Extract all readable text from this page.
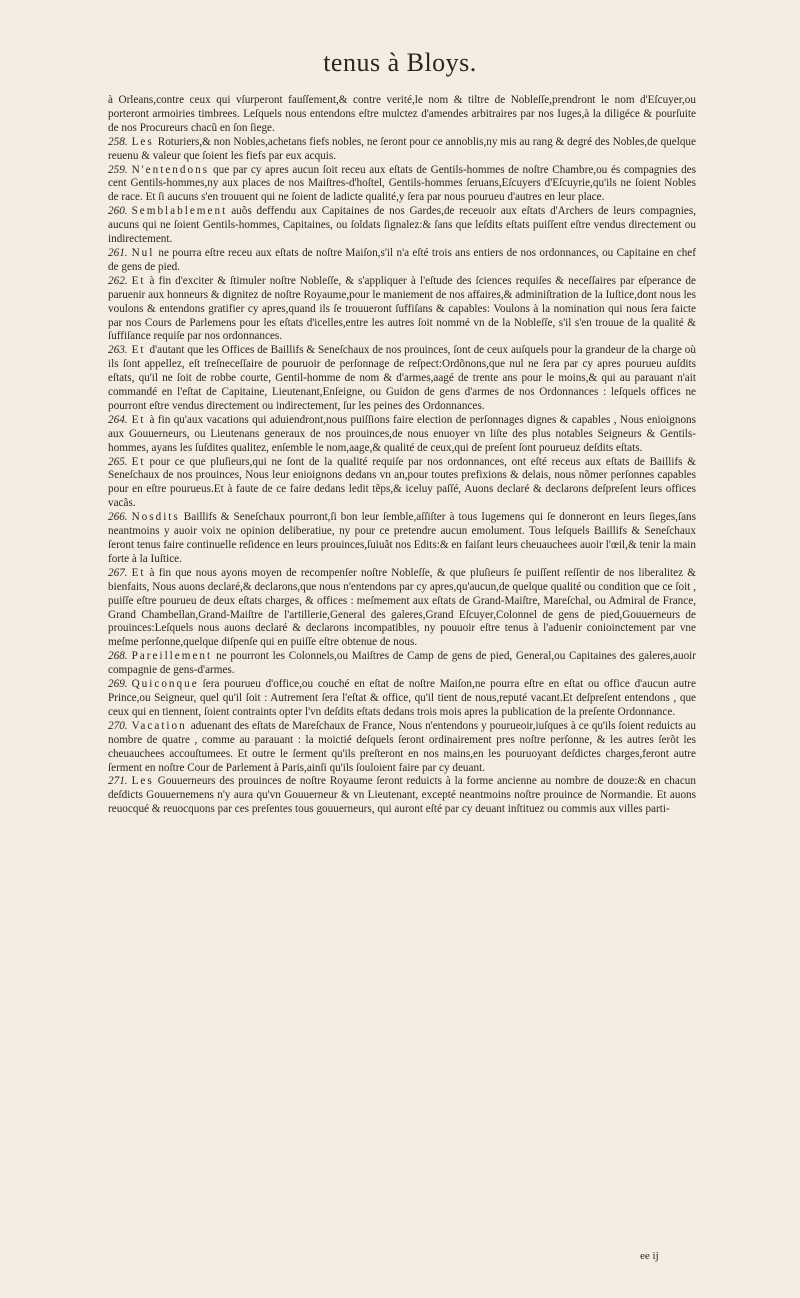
tenus à Bloys.

à Orleans,contre ceux qui vſurperont fauſſement,& contre verité,le nom & tiltre de Nobleſſe,prendront le nom d'Eſcuyer,ou porteront armoiries timbrees. Leſquels nous entendons eſtre mulctez d'amendes arbitraires par nos Iuges,à la diligéce & pourſuite de nos Procureurs chacũ en ſon ſiege.

258. Les Roturiers,& non Nobles,achetans fiefs nobles, ne ſeront pour ce annoblis,ny mis au rang & degré des Nobles,de quelque reuenu & valeur que ſoient les fiefs par eux acquis.

259. N'entendons que par cy apres aucun ſoit receu aux eſtats de Gentils-hommes de noſtre Chambre,ou és compagnies des cent Gentils-hommes,ny aux places de nos Maiſtres-d'hoſtel, Gentils-hommes ſeruans,Eſcuyers d'Eſcuyrie,qu'ils ne ſoient Nobles de race. Et ſi aucuns s'en trouuent qui ne ſoient de ladicte qualité,y ſera par nous pourueu d'autres en leur place.

260. Semblablement auõs deffendu aux Capitaines de nos Gardes,de receuoir aux eſtats d'Archers de leurs compagnies, aucuns qui ne ſoient Gentils-hommes, Capitaines, ou ſoldats ſignalez:& ſans que leſdits eſtats puiſſent eſtre vendus directement ou indirectement.

261. Nul ne pourra eſtre receu aux eſtats de noſtre Maiſon,s'il n'a eſté trois ans entiers de nos ordonnances, ou Capitaine en chef de gens de pied.

262. Et à fin d'exciter & ſtimuler noſtre Nobleſſe, & s'appliquer à l'eſtude des ſciences requiſes & neceſſaires par eſperance de paruenir aux honneurs & dignitez de noſtre Royaume,pour le maniement de nos affaires,& adminiſtration de la Iuſtice,dont nous les voulons & entendons gratifier cy apres,quand ils ſe trouueront ſuffiſans & capables: Voulons à la nomination qui nous ſera faicte par nos Cours de Parlemens pour les eſtats d'icelles,entre les autres ſoit nommé vn de la Nobleſſe, s'il s'en trouue de la qualité & ſuffiſance requiſe par nos ordonnances.

263. Et d'autant que les Offices de Baillifs & Seneſchaux de nos prouinces, ſont de ceux auſquels pour la grandeur de la charge où ils ſont appellez, eſt treſneceſſaire de pouruoir de perſonnage de reſpect:Ordõnons,que nul ne ſera par cy apres pourueu auſdits eſtats, qu'il ne ſoit de robbe courte, Gentil-homme de nom & d'armes,aagé de trente ans pour le moins,& qui au parauant n'ait commandé en l'eſtat de Capitaine, Lieutenant,Enſeigne, ou Guidon de gens d'armes de nos Ordonnances : leſquels offices ne pourront eſtre vendus directement ou indirectement, ſur les peines des Ordonnances.

264. Et à fin qu'aux vacations qui aduiendront,nous puiſſions faire election de perſonnages dignes & capables , Nous enioignons aux Gouuerneurs, ou Lieutenans generaux de nos prouinces,de nous enuoyer vn liſte des plus notables Seigneurs & Gentils-hommes, ayans les ſuſdites qualitez, enſemble le nom,aage,& qualité de ceux,qui de preſent ſont pourueuz deſdits eſtats.

265. Et pour ce que pluſieurs,qui ne ſont de la qualité requiſe par nos ordonnances, ont eſté receus aux eſtats de Baillifs & Seneſchaux de nos prouinces, Nous leur enioignons dedans vn an,pour toutes prefixions & delais, nous nõmer perſonnes capables pour en eſtre pourueus.Et à faute de ce faire dedans ledit tẽps,& iceluy paſſé, Auons declaré & declarons deſpreſent leurs offices vacãs.

266. Nosdits Baillifs & Seneſchaux pourront,ſi bon leur ſemble,aſſiſter à tous Iugemens qui ſe donneront en leurs ſieges,ſans neantmoins y auoir voix ne opinion deliberatiue, ny pour ce pretendre aucun emolument. Tous leſquels Baillifs & Seneſchaux ſeront tenus faire continuelle reſidence en leurs prouinces,ſuiuãt nos Edits:& en faiſant leurs cheuauchees auoir l'œil,& tenir la main forte à la Iuſtice.

267. Et à fin que nous ayons moyen de recompenſer noſtre Nobleſſe, & que pluſieurs ſe puiſſent reſſentir de nos liberalitez & bienfaits, Nous auons declaré,& declarons,que nous n'entendons par cy apres,qu'aucun,de quelque qualité ou condition que ce ſoit , puiſſe eſtre pourueu de deux eſtats charges, & offices : meſmement aux eſtats de Grand-Maiſtre, Mareſchal, ou Admiral de France, Grand Chambellan,Grand-Maiſtre de l'artillerie,General des galeres,Grand Eſcuyer,Colonnel de gens de pied,Gouuerneurs de prouinces:Leſquels nous auons declaré & declarons incompatibles, ny pouuoir eſtre tenus à l'aduenir conioinctement par vne meſme perſonne,quelque diſpenſe qui en puiſſe eſtre obtenue de nous.

268. Pareillement ne pourront les Colonnels,ou Maiſtres de Camp de gens de pied, General,ou Capitaines des galeres,auoir compagnie de gens-d'armes.

269. Quiconque ſera pourueu d'office,ou couché en eſtat de noſtre Maiſon,ne pourra eſtre en eſtat ou office d'aucun autre Prince,ou Seigneur, quel qu'il ſoit : Autrement ſera l'eſtat & office, qu'il tient de nous,reputé vacant.Et deſpreſent entendons , que ceux qui en tiennent, ſoient contraints opter l'vn deſdits eſtats dedans trois mois apres la publication de la preſente Ordonnance.

270. Vacation aduenant des eſtats de Mareſchaux de France, Nous n'entendons y pourueoir,iuſques à ce qu'ils ſoient reduicts au nombre de quatre , comme au parauant : la moictié deſquels ſeront ordinairement pres noſtre perſonne, & les autres ſerõt les cheuauchees accouſtumees. Et outre le ſerment qu'ils preſteront en nos mains,en les pouruoyant deſdictes charges,feront autre ſerment en noſtre Cour de Parlement à Paris,ainſi qu'ils ſouloient faire par cy deuant.

271. Les Gouuerneurs des prouinces de noſtre Royaume ſeront reduicts à la forme ancienne au nombre de douze:& en chacun deſdicts Gouuernemens n'y aura qu'vn Gouuerneur & vn Lieutenant, excepté neantmoins noſtre prouince de Normandie. Et auons reuocqué & reuocquons par ces preſentes tous gouuerneurs, qui auront eſté par cy deuant inſtituez ou commis aux villes parti-

ee ij
